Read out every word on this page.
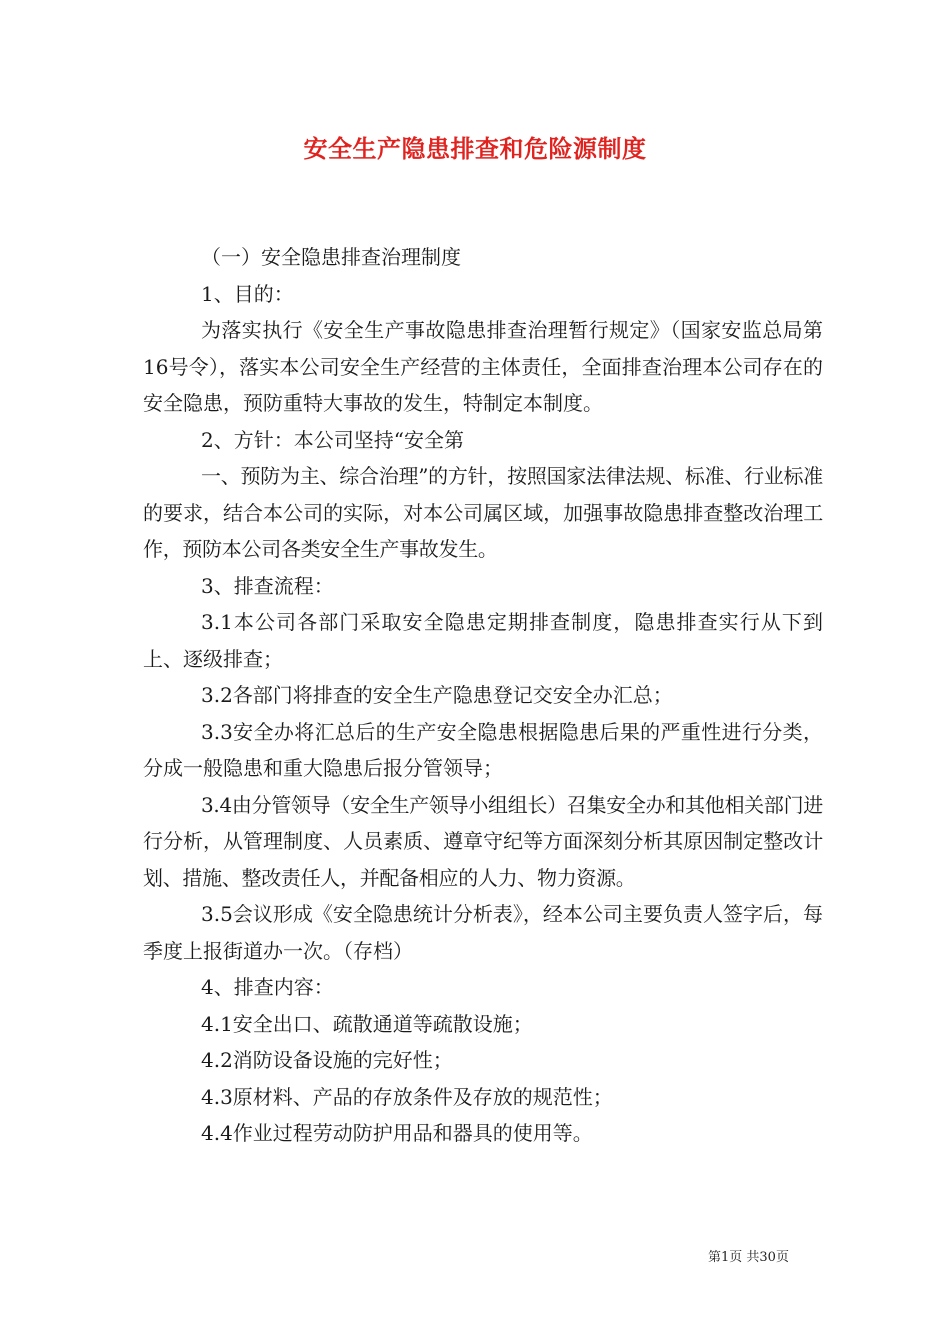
安全生产隐患排查和危险源制度

（一）安全隐患排查治理制度

1、目的：

为落实执行《安全生产事故隐患排查治理暂行规定》（国家安监总局第16号令），落实本公司安全生产经营的主体责任，全面排查治理本公司存在的安全隐患，预防重特大事故的发生，特制定本制度。

2、方针：本公司坚持“安全第

一、预防为主、综合治理”的方针，按照国家法律法规、标准、行业标准的要求，结合本公司的实际，对本公司属区域，加强事故隐患排查整改治理工作，预防本公司各类安全生产事故发生。

3、排查流程：

3.1本公司各部门采取安全隐患定期排查制度，隐患排查实行从下到上、逐级排查；

3.2各部门将排查的安全生产隐患登记交安全办汇总；

3.3安全办将汇总后的生产安全隐患根据隐患后果的严重性进行分类，分成一般隐患和重大隐患后报分管领导；

3.4由分管领导（安全生产领导小组组长）召集安全办和其他相关部门进行分析，从管理制度、人员素质、遵章守纪等方面深刻分析其原因制定整改计划、措施、整改责任人，并配备相应的人力、物力资源。

3.5会议形成《安全隐患统计分析表》，经本公司主要负责人签字后，每季度上报街道办一次。（存档）

4、排查内容：

4.1安全出口、疏散通道等疏散设施；

4.2消防设备设施的完好性；

4.3原材料、产品的存放条件及存放的规范性；

4.4作业过程劳动防护用品和器具的使用等。

第1页 共30页
